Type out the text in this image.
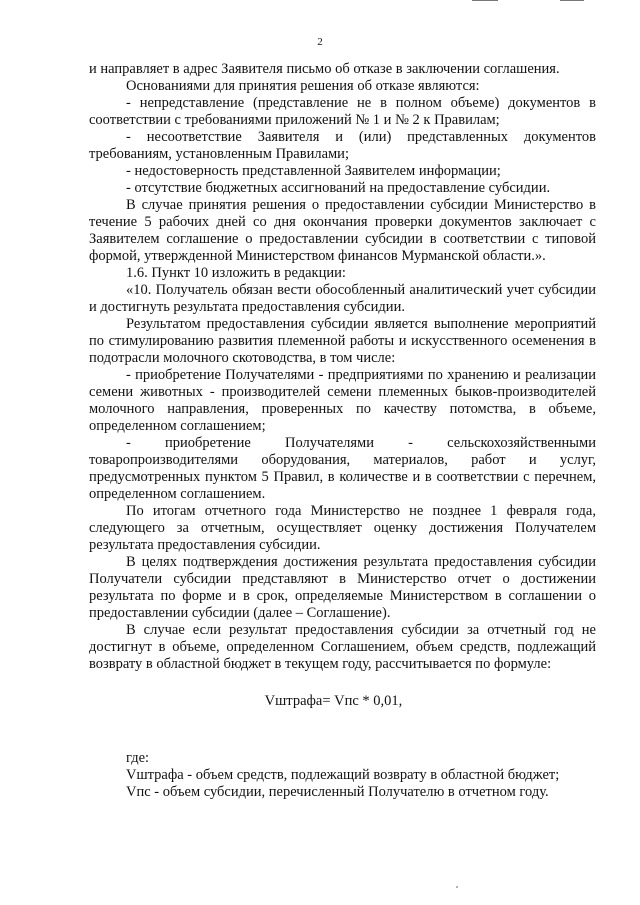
2

и направляет в адрес Заявителя письмо об отказе в заключении соглашения.

Основаниями для принятия решения об отказе являются:

- непредставление (представление не в полном объеме) документов в соответствии с требованиями приложений № 1 и № 2 к Правилам;

- несоответствие Заявителя и (или) представленных документов требованиям, установленным Правилами;

- недостоверность представленной Заявителем информации;

- отсутствие бюджетных ассигнований на предоставление субсидии.

В случае принятия решения о предоставлении субсидии Министерство в течение 5 рабочих дней со дня окончания проверки документов заключает с Заявителем соглашение о предоставлении субсидии в соответствии с типовой формой, утвержденной Министерством финансов Мурманской области.».

1.6. Пункт 10 изложить в редакции:

«10. Получатель обязан вести обособленный аналитический учет субсидии и достигнуть результата предоставления субсидии.

Результатом предоставления субсидии является выполнение мероприятий по стимулированию развития племенной работы и искусственного осеменения в подотрасли молочного скотоводства, в том числе:

- приобретение Получателями - предприятиями по хранению и реализации семени животных - производителей семени племенных быков-производителей молочного направления, проверенных по качеству потомства, в объеме, определенном соглашением;

- приобретение Получателями - сельскохозяйственными товаропроизводителями оборудования, материалов, работ и услуг, предусмотренных пунктом 5 Правил, в количестве и в соответствии с перечнем, определенном соглашением.

По итогам отчетного года Министерство не позднее 1 февраля года, следующего за отчетным, осуществляет оценку достижения Получателем результата предоставления субсидии.

В целях подтверждения достижения результата предоставления субсидии Получатели субсидии представляют в Министерство отчет о достижении результата по форме и в срок, определяемые Министерством в соглашении о предоставлении субсидии (далее – Соглашение).

В случае если результат предоставления субсидии за отчетный год не достигнут в объеме, определенном Соглашением, объем средств, подлежащий возврату в областной бюджет в текущем году, рассчитывается по формуле:

Vштрафа= Vпс * 0,01,

где:

Vштрафа - объем средств, подлежащий возврату в областной бюджет;

Vпс - объем субсидии, перечисленный Получателю в отчетном году.
